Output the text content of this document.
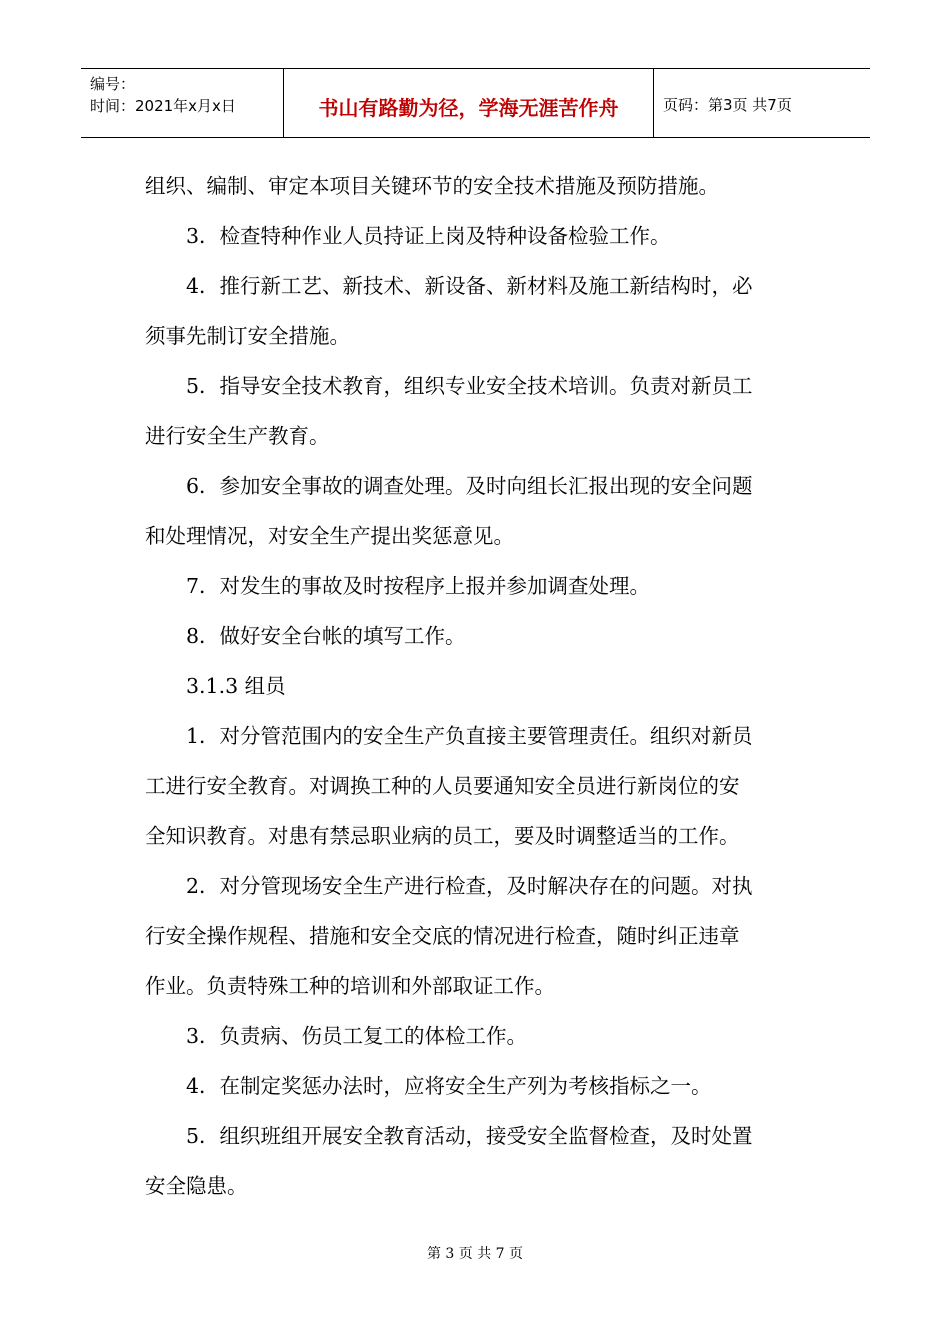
编号：
时间：2021年x月x日	书山有路勤为径，学海无涯苦作舟	页码：第3页 共7页

组织、编制、审定本项目关键环节的安全技术措施及预防措施。

　　3．检查特种作业人员持证上岗及特种设备检验工作。

　　4．推行新工艺、新技术、新设备、新材料及施工新结构时，必

须事先制订安全措施。

　　5．指导安全技术教育，组织专业安全技术培训。负责对新员工

进行安全生产教育。

　　6．参加安全事故的调查处理。及时向组长汇报出现的安全问题

和处理情况，对安全生产提出奖惩意见。

　　7．对发生的事故及时按程序上报并参加调查处理。

　　8．做好安全台帐的填写工作。

　　3.1.3 组员

　　1．对分管范围内的安全生产负直接主要管理责任。组织对新员

工进行安全教育。对调换工种的人员要通知安全员进行新岗位的安

全知识教育。对患有禁忌职业病的员工，要及时调整适当的工作。

　　2．对分管现场安全生产进行检查，及时解决存在的问题。对执

行安全操作规程、措施和安全交底的情况进行检查，随时纠正违章

作业。负责特殊工种的培训和外部取证工作。

　　3．负责病、伤员工复工的体检工作。

　　4．在制定奖惩办法时，应将安全生产列为考核指标之一。

　　5．组织班组开展安全教育活动，接受安全监督检查，及时处置

安全隐患。

第 3 页 共 7 页
